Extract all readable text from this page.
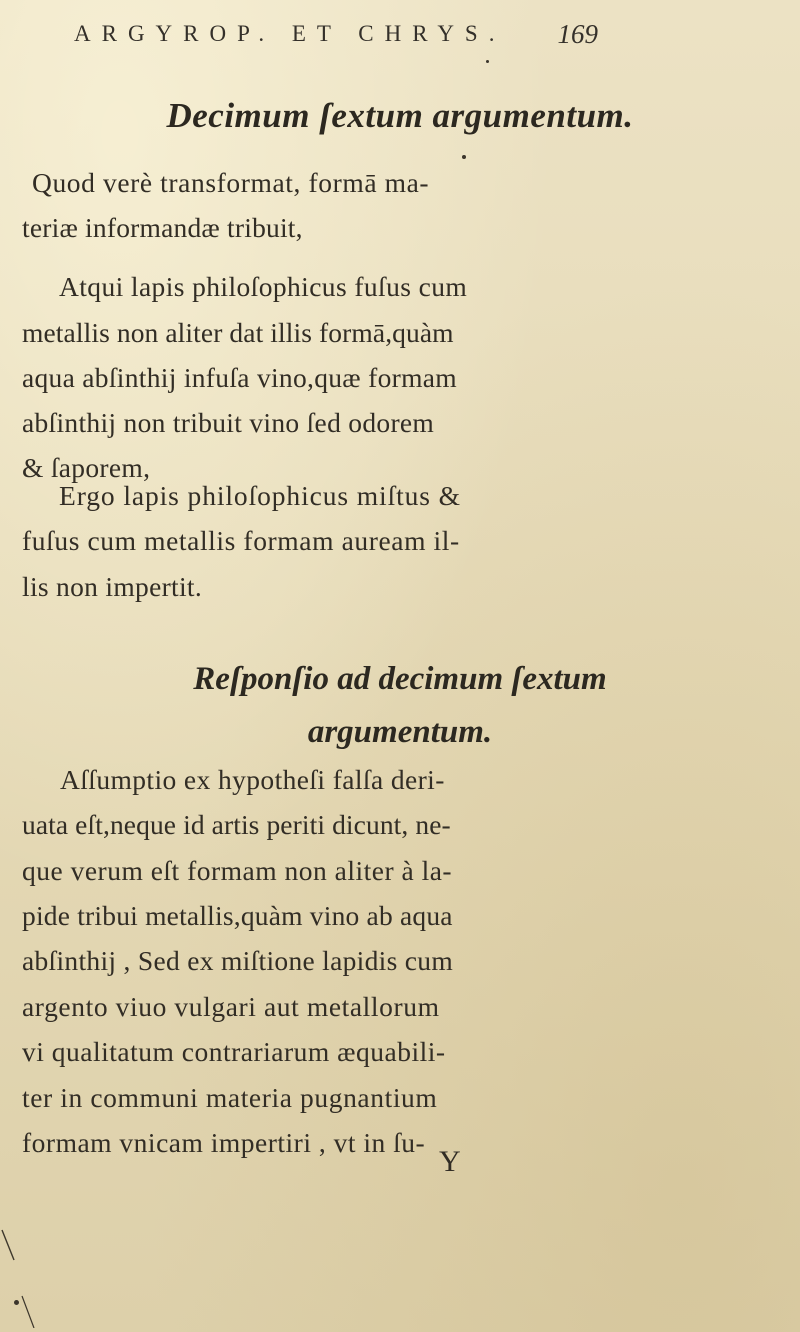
ARGYROP. ET CHRYS. 169
Decimum ſextum argumentum.
Quod verè transformat, formā ma-
teriæ informandæ tribuit,
Atqui lapis philoſophicus fuſus cum
metallis non aliter dat illis formā,quàm
aqua abſinthij infuſa vino,quæ formam
abſinthij non tribuit vino ſed odorem
& ſaporem,
Ergo lapis philoſophicus miſtus &
fuſus cum metallis formam auream il-
lis non impertit.
Reſponſio ad decimum ſextum
argumentum.
Aſſumptio ex hypotheſi falſa deri-
uata eſt,neque id artis periti dicunt, ne-
que verum eſt formam non aliter à la-
pide tribui metallis,quàm vino ab aqua
abſinthij , Sed ex miſtione lapidis cum
argento viuo vulgari aut metallorum
vi qualitatum contrariarum æquabili-
ter in communi materia pugnantium
formam vnicam impertiri , vt in ſu-
Y
